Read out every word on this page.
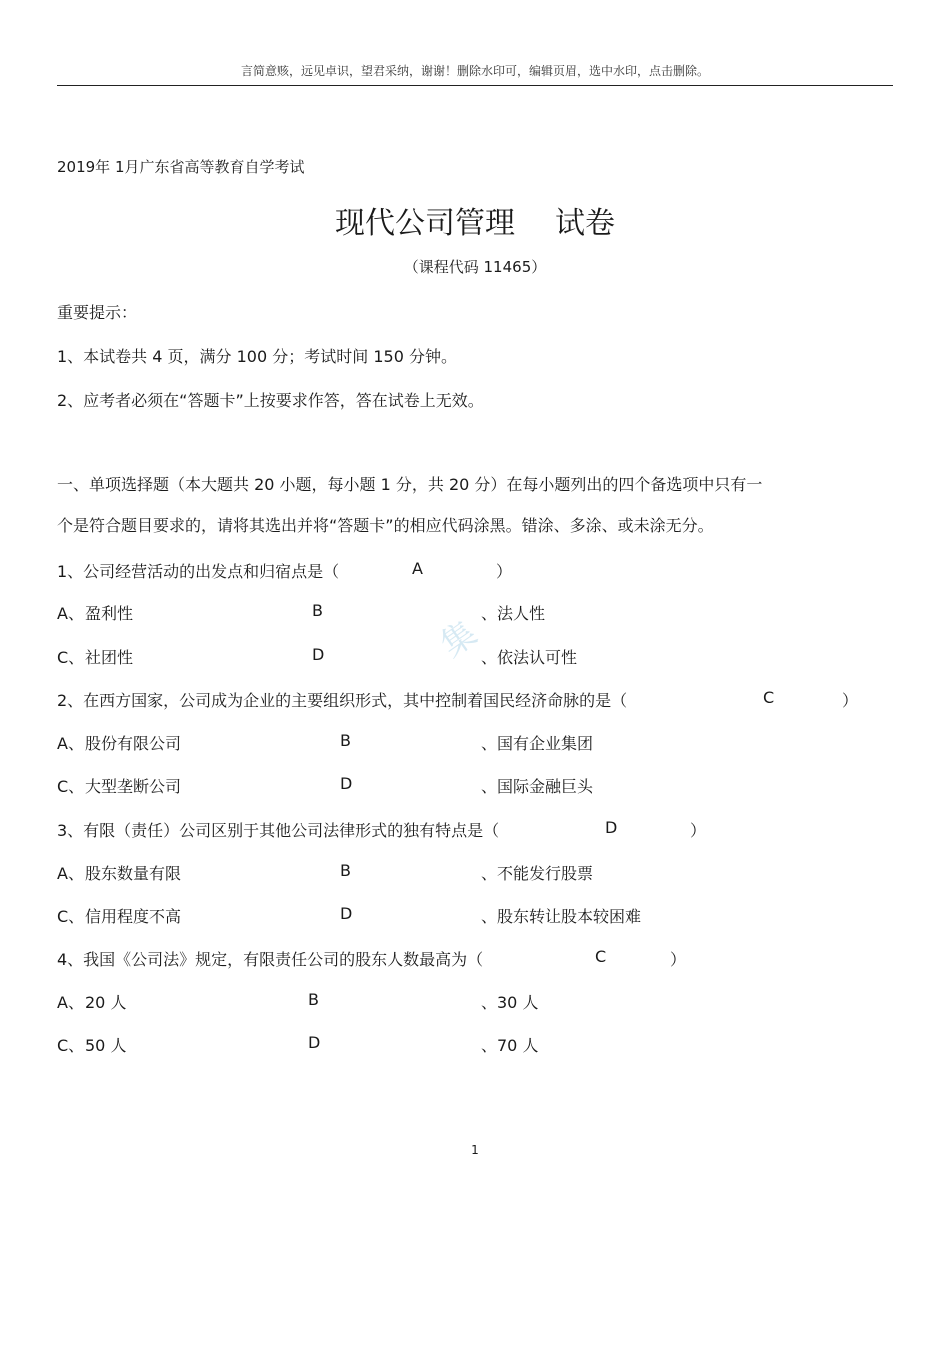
言简意赅，远见卓识，望君采纳，谢谢！删除水印可，编辑页眉，选中水印，点击删除。
2019年 1月广东省高等教育自学考试
现代公司管理 试卷
（课程代码 11465）
重要提示：
1、本试卷共 4 页，满分 100 分；考试时间 150 分钟。
2、应考者必须在“答题卡”上按要求作答，答在试卷上无效。
一、单项选择题（本大题共 20 小题，每小题 1 分，共 20 分）在每小题列出的四个备选项中只有一
个是符合题目要求的，请将其选出并将“答题卡”的相应代码涂黑。错涂、多涂、或未涂无分。
1、公司经营活动的出发点和归宿点是（	A	）
A、 盈利性	B	、法人性
C、 社团性	D	、依法认可性
2、在西方国家，公司成为企业的主要组织形式，其中控制着国民经济命脉的是（	C	）
A、 股份有限公司	B	、国有企业集团
C、 大型垄断公司	D	、国际金融巨头
3、有限（责任）公司区别于其他公司法律形式的独有特点是（	D	）
A、 股东数量有限	B	、不能发行股票
C、 信用程度不高	D	、股东转让股本较困难
4、我国《公司法》规定，有限责任公司的股东人数最高为（	C	）
A、 20 人	B	、30 人
C、 50 人	D	、70 人
集
1
